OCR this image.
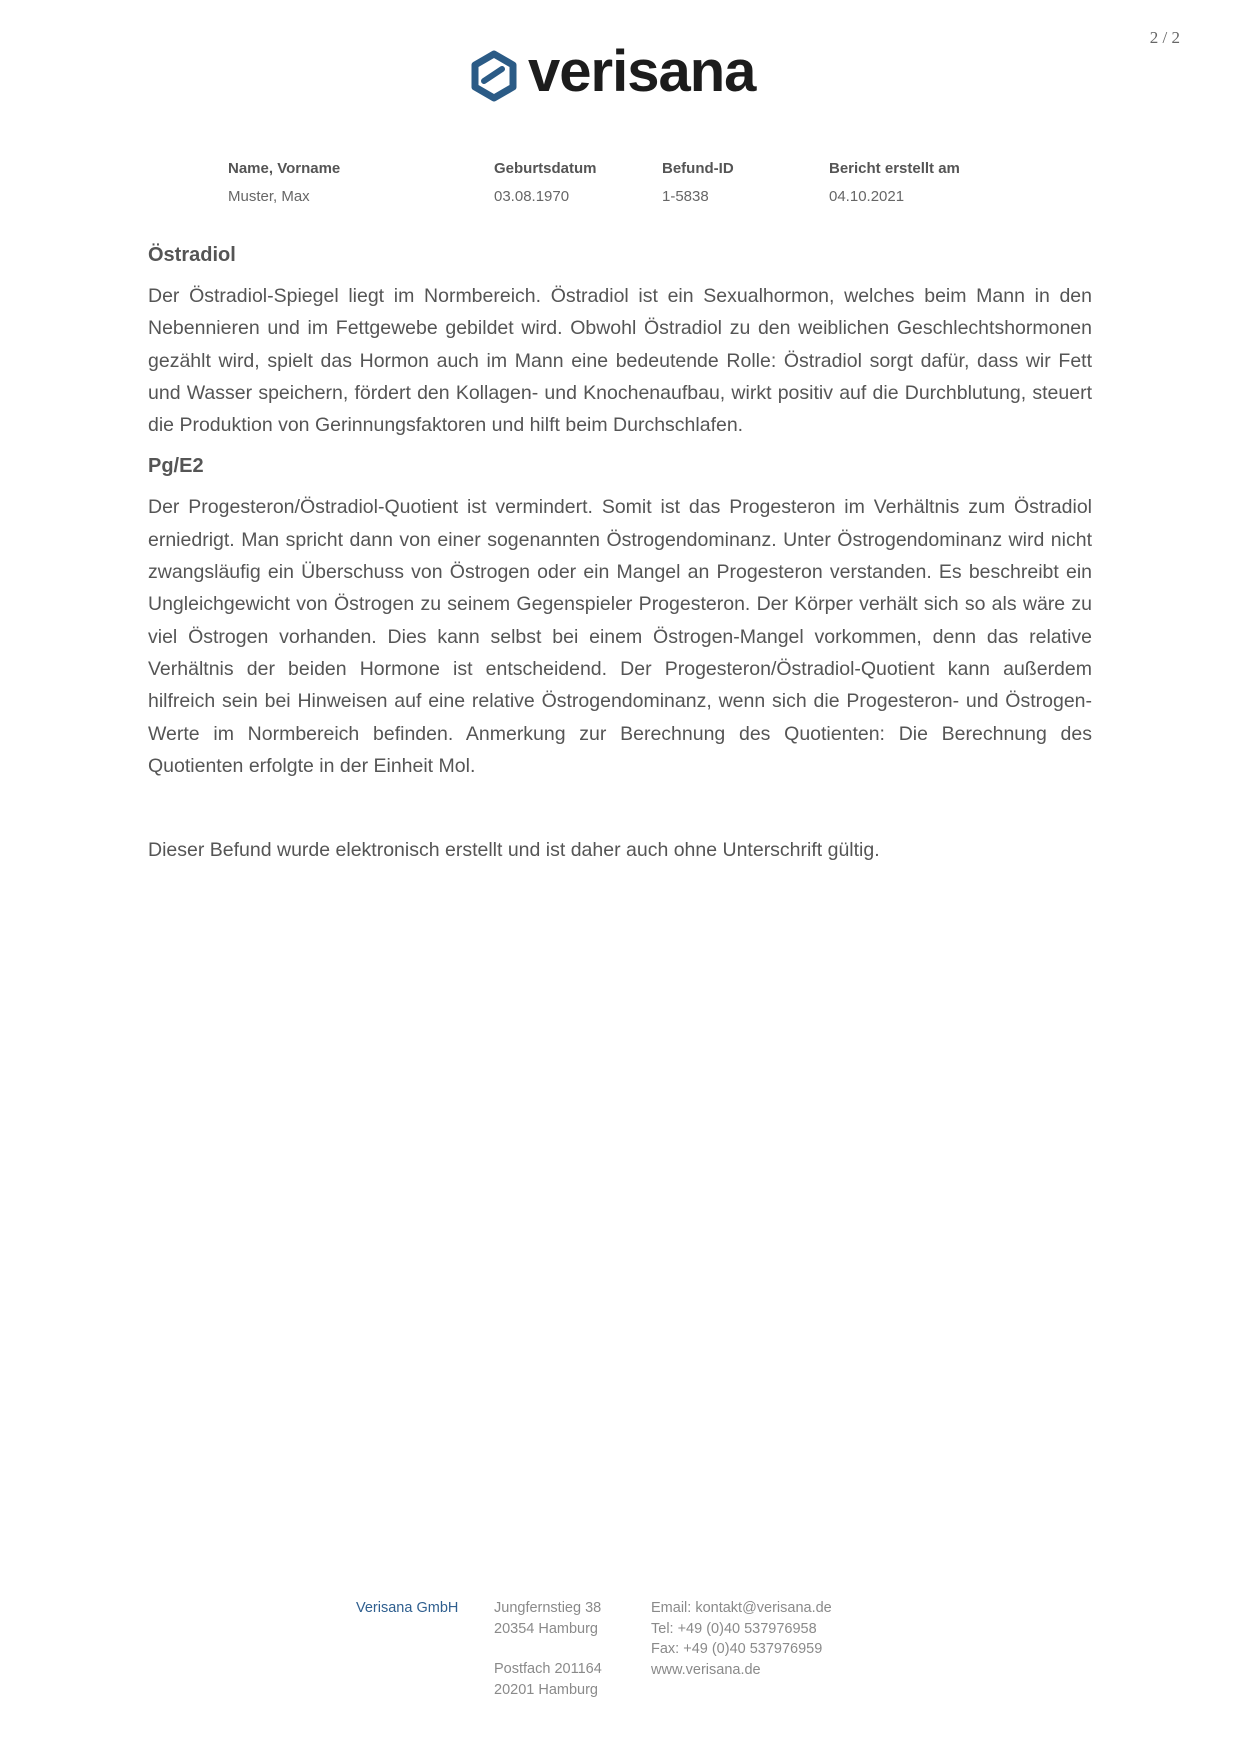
2 / 2
verisana
Name, Vorname
Muster, Max
Geburtsdatum
03.08.1970
Befund-ID
1-5838
Bericht erstellt am
04.10.2021
Östradiol

Der Östradiol-Spiegel liegt im Normbereich. Östradiol ist ein Sexualhormon, welches beim Mann in den Nebennieren und im Fettgewebe gebildet wird. Obwohl Östradiol zu den weiblichen Geschlechtshormonen gezählt wird, spielt das Hormon auch im Mann eine bedeutende Rolle: Östradiol sorgt dafür, dass wir Fett und Wasser speichern, fördert den Kollagen- und Knochenaufbau, wirkt positiv auf die Durchblutung, steuert die Produktion von Gerinnungsfaktoren und hilft beim Durchschlafen.

Pg/E2

Der Progesteron/Östradiol-Quotient ist vermindert. Somit ist das Progesteron im Verhältnis zum Östradiol erniedrigt. Man spricht dann von einer sogenannten Östrogendominanz. Unter Östrogendominanz wird nicht zwangsläufig ein Überschuss von Östrogen oder ein Mangel an Progesteron verstanden. Es beschreibt ein Ungleichgewicht von Östrogen zu seinem Gegenspieler Progesteron. Der Körper verhält sich so als wäre zu viel Östrogen vorhanden. Dies kann selbst bei einem Östrogen-Mangel vorkommen, denn das relative Verhältnis der beiden Hormone ist entscheidend. Der Progesteron/Östradiol-Quotient kann außerdem hilfreich sein bei Hinweisen auf eine relative Östrogendominanz, wenn sich die Progesteron- und Östrogen-Werte im Normbereich befinden. Anmerkung zur Berechnung des Quotienten: Die Berechnung des Quotienten erfolgte in der Einheit Mol.

Dieser Befund wurde elektronisch erstellt und ist daher auch ohne Unterschrift gültig.
Verisana GmbH Jungfernstieg 38
20354 Hamburg
Postfach 201164
20201 Hamburg
Email: kontakt@verisana.de
Tel: +49 (0)40 537976958
Fax: +49 (0)40 537976959
www.verisana.de
